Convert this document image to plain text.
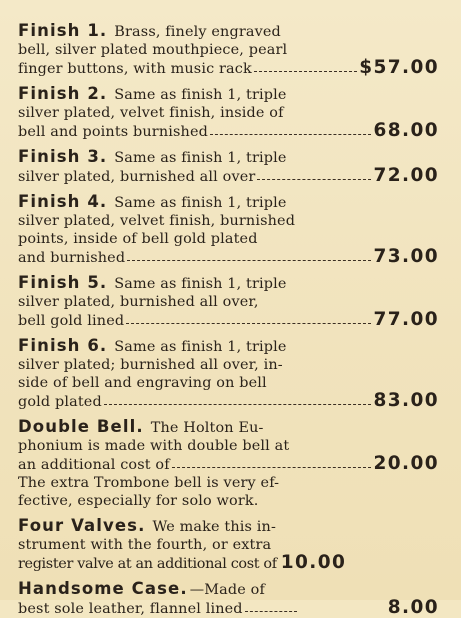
Finish 1. Brass, finely engraved
bell, silver plated mouthpiece, pearl
finger buttons, with music rack	$57.00
Finish 2. Same as finish 1, triple
silver plated, velvet finish, inside of
bell and points burnished	68.00
Finish 3. Same as finish 1, triple
silver plated, burnished all over	72.00
Finish 4. Same as finish 1, triple
silver plated, velvet finish, burnished
points, inside of bell gold plated
and burnished	73.00
Finish 5. Same as finish 1, triple
silver plated, burnished all over,
bell gold lined	77.00
Finish 6. Same as finish 1, triple
silver plated; burnished all over, in-
side of bell and engraving on bell
gold plated	83.00
Double Bell. The Holton Eu-
phonium is made with double bell at
an additional cost of	20.00
The extra Trombone bell is very ef-
fective, especially for solo work.
Four Valves. We make this in-
strument with the fourth, or extra
register valve at an additional cost of 10.00
Handsome Case. —Made of
best sole leather, flannel lined	8.00
